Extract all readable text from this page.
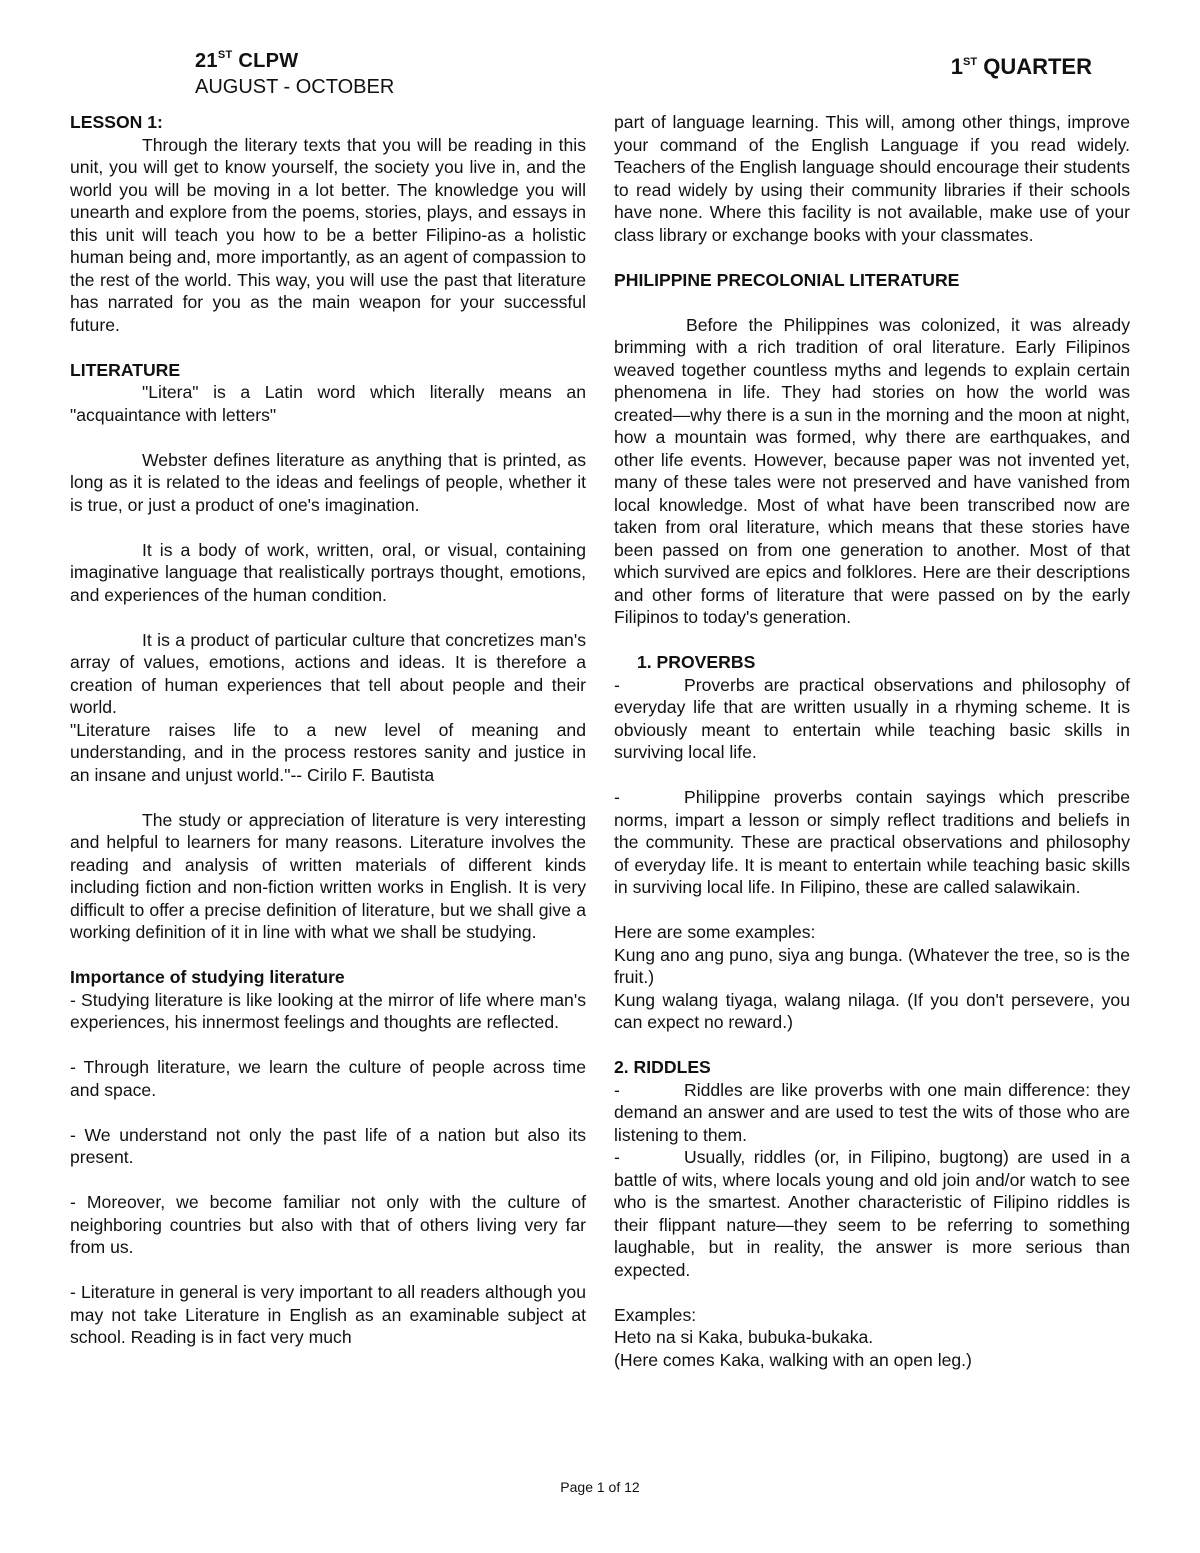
21ST CLPW
AUGUST - OCTOBER
1ST QUARTER

LESSON 1:

Through the literary texts that you will be reading in this unit, you will get to know yourself, the society you live in, and the world you will be moving in a lot better. The knowledge you will unearth and explore from the poems, stories, plays, and essays in this unit will teach you how to be a better Filipino-as a holistic human being and, more importantly, as an agent of compassion to the rest of the world. This way, you will use the past that literature has narrated for you as the main weapon for your successful future.

LITERATURE

"Litera" is a Latin word which literally means an "acquaintance with letters"

Webster defines literature as anything that is printed, as long as it is related to the ideas and feelings of people, whether it is true, or just a product of one's imagination.

It is a body of work, written, oral, or visual, containing imaginative language that realistically portrays thought, emotions, and experiences of the human condition.

It is a product of particular culture that concretizes man's array of values, emotions, actions and ideas. It is therefore a creation of human experiences that tell about people and their world.

"Literature raises life to a new level of meaning and understanding, and in the process restores sanity and justice in an insane and unjust world."-- Cirilo F. Bautista

The study or appreciation of literature is very interesting and helpful to learners for many reasons. Literature involves the reading and analysis of written materials of different kinds including fiction and non-fiction written works in English. It is very difficult to offer a precise definition of literature, but we shall give a working definition of it in line with what we shall be studying.

Importance of studying literature

- Studying literature is like looking at the mirror of life where man's experiences, his innermost feelings and thoughts are reflected.

- Through literature, we learn the culture of people across time and space.

- We understand not only the past life of a nation but also its present.

- Moreover, we become familiar not only with the culture of neighboring countries but also with that of others living very far from us.

- Literature in general is very important to all readers although you may not take Literature in English as an examinable subject at school. Reading is in fact very much

part of language learning. This will, among other things, improve your command of the English Language if you read widely. Teachers of the English language should encourage their students to read widely by using their community libraries if their schools have none. Where this facility is not available, make use of your class library or exchange books with your classmates.

PHILIPPINE PRECOLONIAL LITERATURE

Before the Philippines was colonized, it was already brimming with a rich tradition of oral literature. Early Filipinos weaved together countless myths and legends to explain certain phenomena in life. They had stories on how the world was created—why there is a sun in the morning and the moon at night, how a mountain was formed, why there are earthquakes, and other life events. However, because paper was not invented yet, many of these tales were not preserved and have vanished from local knowledge. Most of what have been transcribed now are taken from oral literature, which means that these stories have been passed on from one generation to another. Most of that which survived are epics and folklores. Here are their descriptions and other forms of literature that were passed on by the early Filipinos to today's generation.

1. PROVERBS

-	Proverbs are practical observations and philosophy of everyday life that are written usually in a rhyming scheme. It is obviously meant to entertain while teaching basic skills in surviving local life.

-	Philippine proverbs contain sayings which prescribe norms, impart a lesson or simply reflect traditions and beliefs in the community. These are practical observations and philosophy of everyday life. It is meant to entertain while teaching basic skills in surviving local life. In Filipino, these are called salawikain.

Here are some examples:

Kung ano ang puno, siya ang bunga. (Whatever the tree, so is the fruit.)

Kung walang tiyaga, walang nilaga. (If you don't persevere, you can expect no reward.)

2. RIDDLES

-	Riddles are like proverbs with one main difference: they demand an answer and are used to test the wits of those who are listening to them.

-	Usually, riddles (or, in Filipino, bugtong) are used in a battle of wits, where locals young and old join and/or watch to see who is the smartest. Another characteristic of Filipino riddles is their flippant nature—they seem to be referring to something laughable, but in reality, the answer is more serious than expected.

Examples:

Heto na si Kaka, bubuka-bukaka.

(Here comes Kaka, walking with an open leg.)

Page 1 of 12
